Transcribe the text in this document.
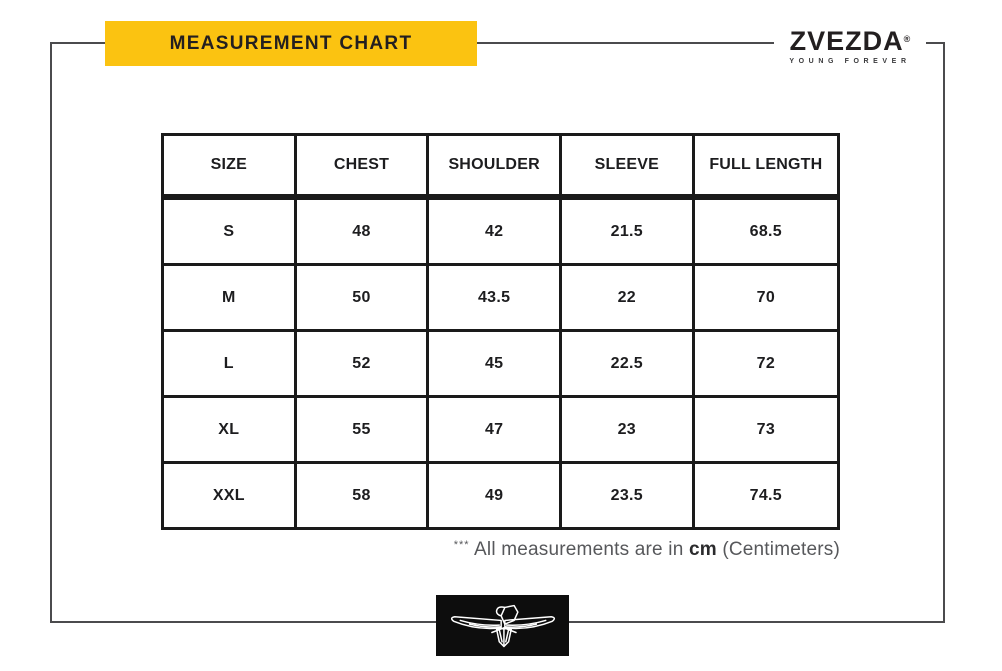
MEASUREMENT CHART	ZVEZDA®
YOUNG FOREVER
SIZE	CHEST	SHOULDER	SLEEVE	FULL LENGTH
S	48	42	21.5	68.5
M	50	43.5	22	70
L	52	45	22.5	72
XL	55	47	23	73
XXL	58	49	23.5	74.5
*** All measurements are in cm (Centimeters)
